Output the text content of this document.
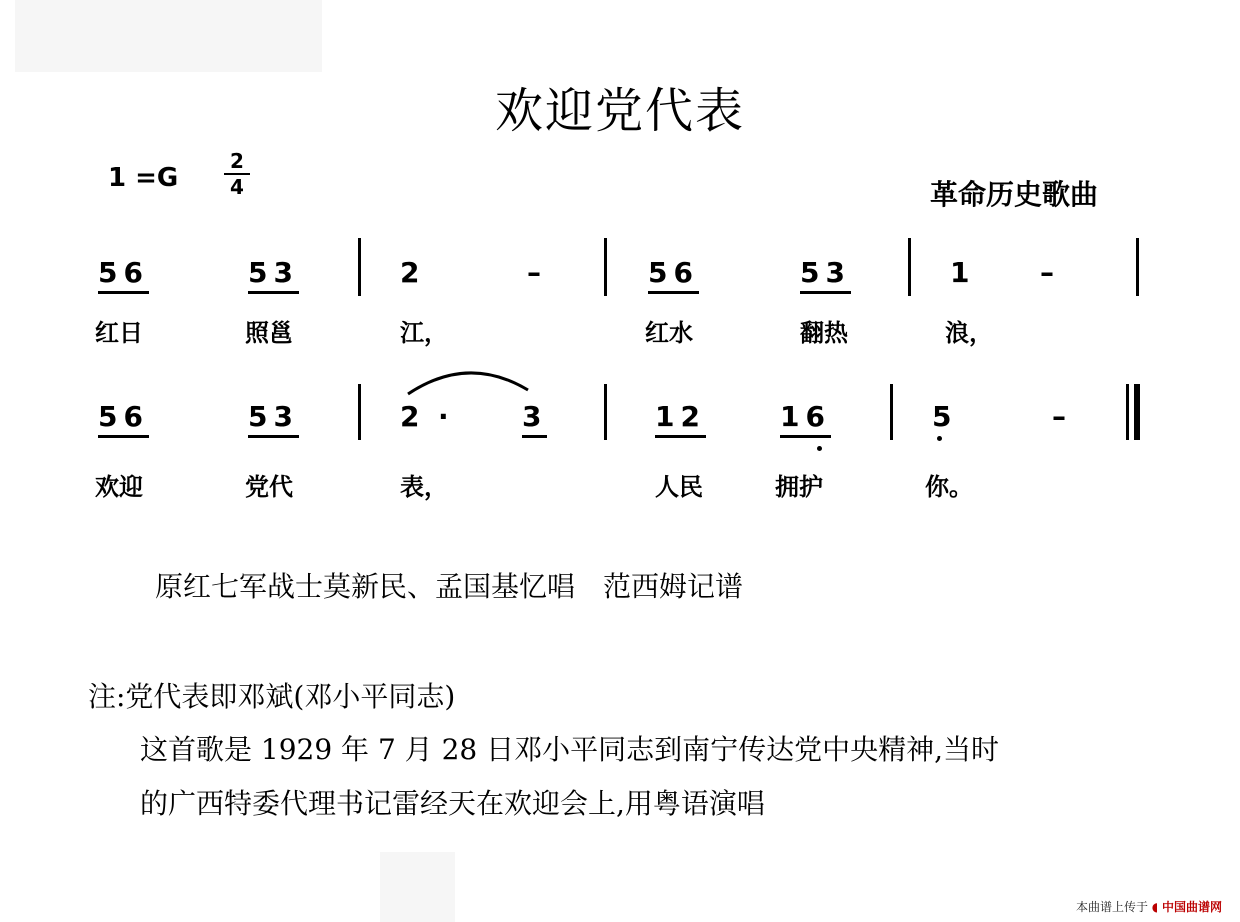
欢迎党代表
1 =G
2
4	革命历史歌曲
56	53	2	–	56	53	1 –
红日	照邕	江，	红水	翻热	浪，
56	53	2 · 3	12	16	5	–
欢迎	党代	表，	人民	拥护	你。
原红七军战士莫新民、孟国基忆唱　范西姆记谱
注:党代表即邓斌(邓小平同志)
这首歌是 1929 年 7 月 28 日邓小平同志到南宁传达党中央精神,当时
的广西特委代理书记雷经天在欢迎会上,用粤语演唱
本曲谱上传于 ◖ 中国曲谱网
